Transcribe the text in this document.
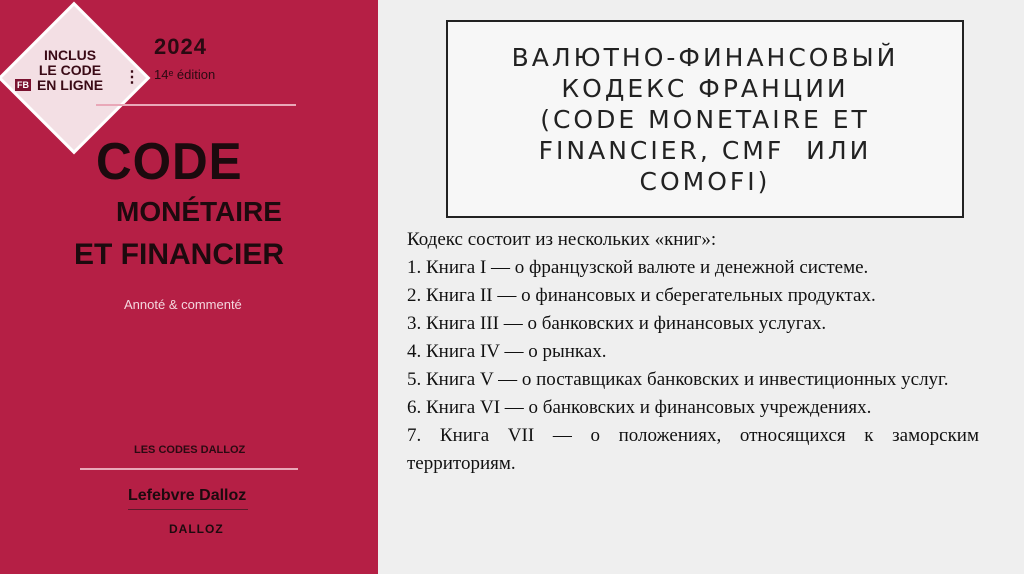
INCLUS
LE CODE
EN LIGNE
FB	⋮
2024
14ᵉ édition
CODE
MONÉTAIRE
ET FINANCIER
Annoté & commenté
LES CODES DALLOZ
Lefebvre Dalloz
DALLOZ
ВАЛЮТНО-ФИНАНСОВЫЙ
КОДЕКС ФРАНЦИИ
(CODE MONETAIRE ET
FINANCIER, CMF  ИЛИ
COMOFI)

Кодекс состоит из нескольких «книг»:

1. Книга I — о французской валюте и денежной системе.

2. Книга II — о финансовых и сберегательных продуктах.

3. Книга III — о банковских и финансовых услугах.

4. Книга IV — о рынках.

5. Книга V — о поставщиках банковских и инвестиционных услуг.

6. Книга VI — о банковских и финансовых учреждениях.

7. Книга VII — о положениях, относящихся к заморским территориям.
